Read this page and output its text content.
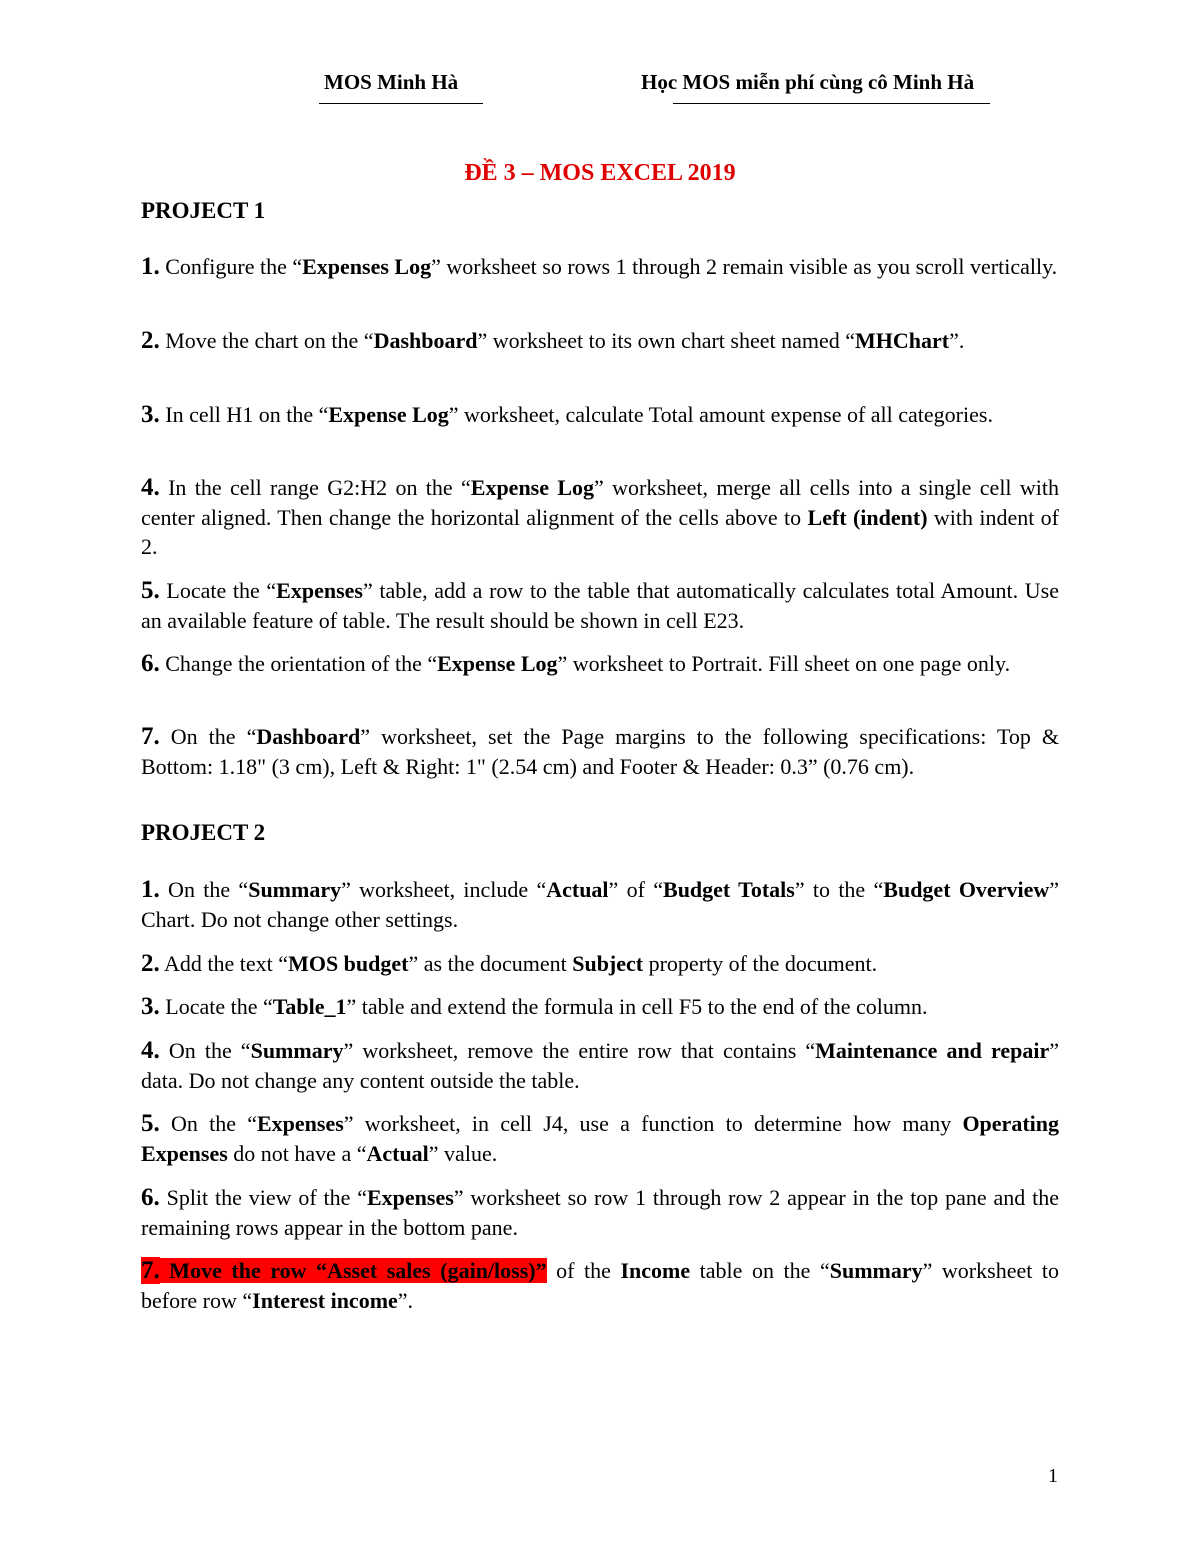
MOS Minh Hà	Học MOS miễn phí cùng cô Minh Hà
ĐỀ 3 – MOS EXCEL 2019
PROJECT 1

1. Configure the “Expenses Log” worksheet so rows 1 through 2 remain visible as you scroll vertically.

2. Move the chart on the “Dashboard” worksheet to its own chart sheet named “MHChart”.

3. In cell H1 on the “Expense Log” worksheet, calculate Total amount expense of all categories.

4. In the cell range G2:H2 on the “Expense Log” worksheet, merge all cells into a single cell with center aligned. Then change the horizontal alignment of the cells above to Left (indent) with indent of 2.

5. Locate the “Expenses” table, add a row to the table that automatically calculates total Amount. Use an available feature of table. The result should be shown in cell E23.

6. Change the orientation of the “Expense Log” worksheet to Portrait. Fill sheet on one page only.

7. On the “Dashboard” worksheet, set the Page margins to the following specifications: Top & Bottom: 1.18" (3 cm), Left & Right: 1" (2.54 cm) and Footer & Header: 0.3” (0.76 cm).

PROJECT 2

1. On the “Summary” worksheet, include “Actual” of “Budget Totals” to the “Budget Overview” Chart. Do not change other settings.

2. Add the text “MOS budget” as the document Subject property of the document.

3. Locate the “Table_1” table and extend the formula in cell F5 to the end of the column.

4. On the “Summary” worksheet, remove the entire row that contains “Maintenance and repair” data. Do not change any content outside the table.

5. On the “Expenses” worksheet, in cell J4, use a function to determine how many Operating Expenses do not have a “Actual” value.

6. Split the view of the “Expenses” worksheet so row 1 through row 2 appear in the top pane and the remaining rows appear in the bottom pane.

7. Move the row “Asset sales (gain/loss)” of the Income table on the “Summary” worksheet to before row “Interest income”.

1
